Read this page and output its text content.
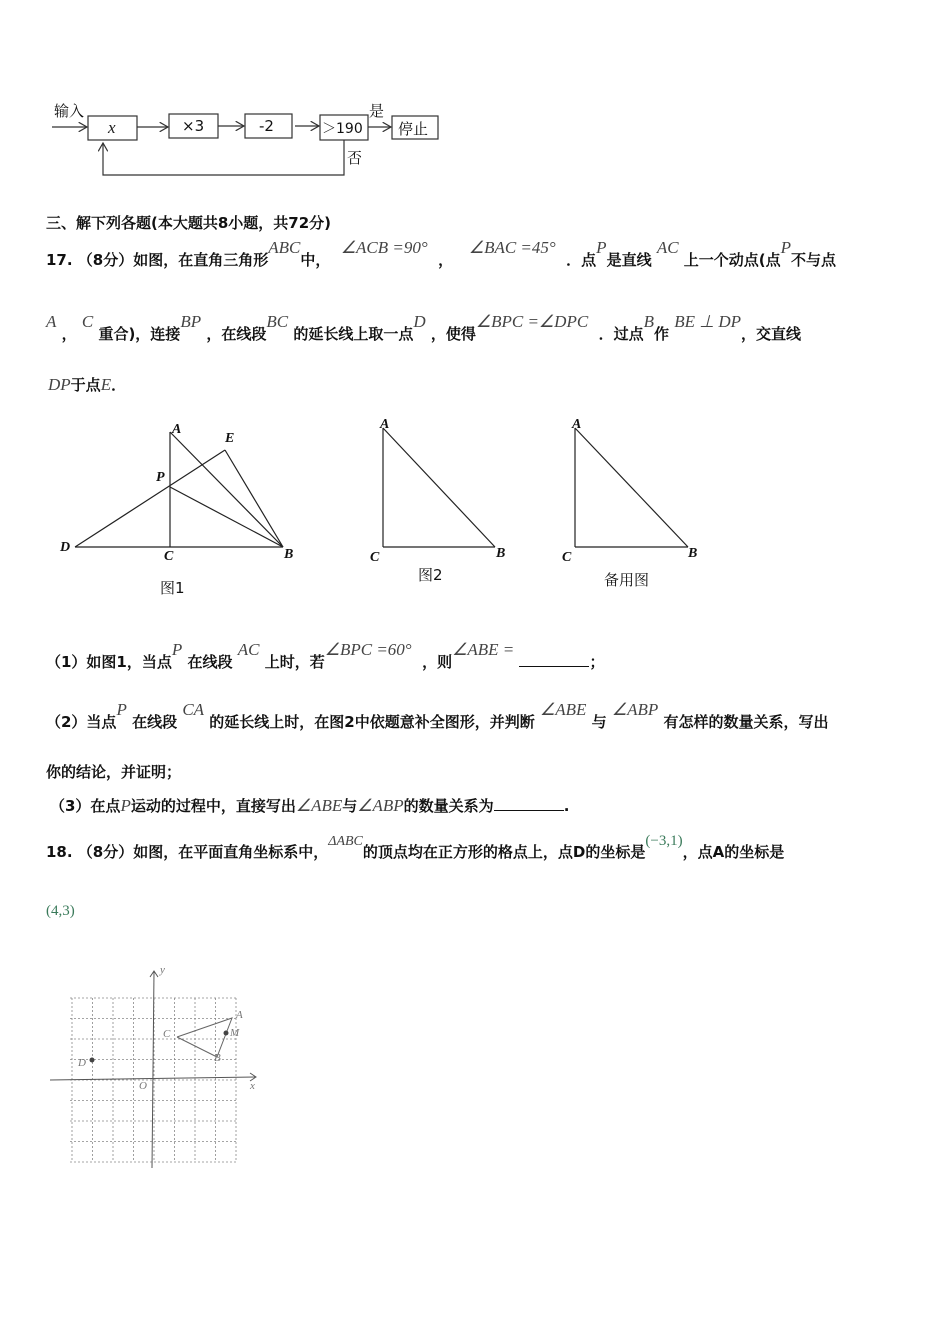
输入
x	×3	-2	＞190 停止
是
否
三、解下列各题(本大题共8小题，共72分)
17. （8分）如图，在直角三角形ABC中，  ∠ACB =90°  ，   ∠BAC =45°  ．点P是直线 AC 上一个动点(点P不与点
A ， C 重合)，连接BP ，在线段BC 的延长线上取一点D ，使得∠BPC =∠DPC  ．过点B作 BE ⊥ DP，交直线
DP于点E．
A
E
P
D
C	B
图1
A
C	B
图2
A
C	B
备用图
（1）如图1，当点P 在线段 AC 上时，若∠BPC =60°  ，则∠ABE = ；
（2）当点P 在线段 CA 的延长线上时，在图2中依题意补全图形，并判断 ∠ABE 与 ∠ABP 有怎样的数量关系，写出
你的结论，并证明；
（3）在点P运动的过程中，直接写出∠ABE与∠ABP的数量关系为	.
18. （8分）如图，在平面直角坐标系中，ΔABC的顶点均在正方形的格点上，点D的坐标是(−3,1)，点A的坐标是
(4,3)
y
x
O
A
C
B
M
D
